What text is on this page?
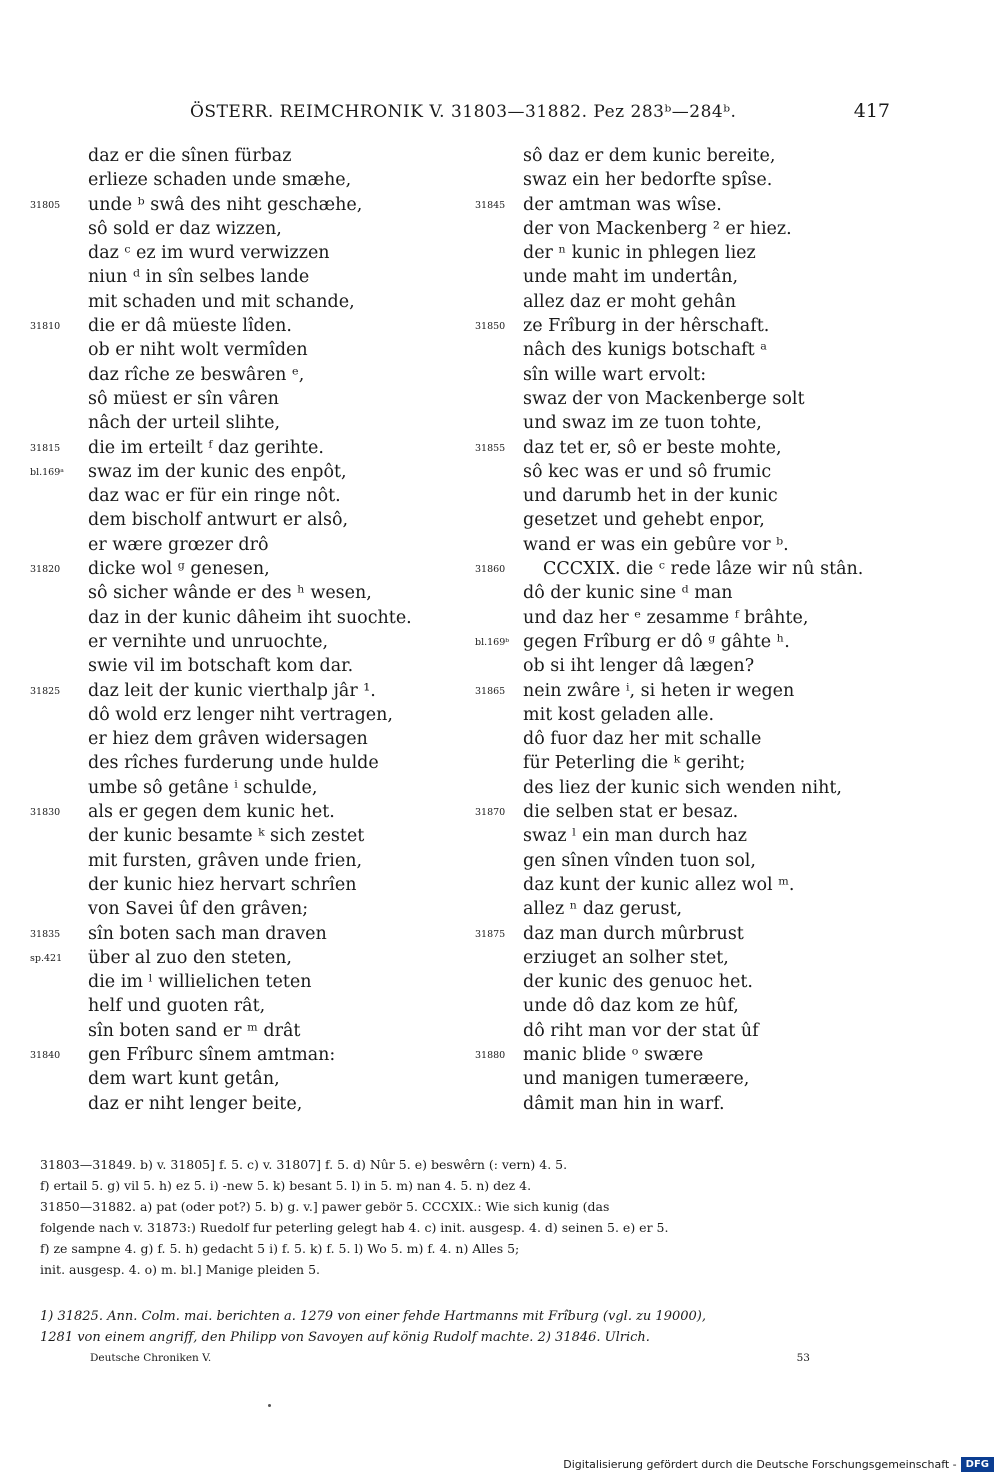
ÖSTERR. REIMCHRONIK V. 31803—31882. Pez 283ᵇ—284ᵇ.	417
daz er die sînen fürbaz
erlieze schaden unde smæhe,
31805	unde ᵇ swâ des niht geschæhe,
sô sold er daz wizzen,
daz ᶜ ez im wurd verwizzen
niun ᵈ in sîn selbes lande
mit schaden und mit schande,
31810	die er dâ müeste lîden.
ob er niht wolt vermîden
daz rîche ze beswâren ᵉ,
sô müest er sîn vâren
nâch der urteil slihte,
31815	die im erteilt ᶠ daz gerihte.
bl.169ᵃ	swaz im der kunic des enpôt,
daz wac er für ein ringe nôt.
dem bischolf antwurt er alsô,
er wære grœzer drô
31820	dicke wol ᵍ genesen,
sô sicher wânde er des ʰ wesen,
daz in der kunic dâheim iht suochte.
er vernihte und unruochte,
swie vil im botschaft kom dar.
31825	daz leit der kunic vierthalp jâr ¹.
dô wold erz lenger niht vertragen,
er hiez dem grâven widersagen
des rîches furderung unde hulde
umbe sô getâne ⁱ schulde,
31830	als er gegen dem kunic het.
der kunic besamte ᵏ sich zestet
mit fursten, grâven unde frien,
der kunic hiez hervart schrîen
von Savei ûf den grâven;
31835	sîn boten sach man draven
sp.421	über al zuo den steten,
die im ˡ willielichen teten
helf und guoten rât,
sîn boten sand er ᵐ drât
31840	gen Frîburc sînem amtman:
dem wart kunt getân,
daz er niht lenger beite,
sô daz er dem kunic bereite,
swaz ein her bedorfte spîse.
31845	der amtman was wîse.
der von Mackenberg ² er hiez.
der ⁿ kunic in phlegen liez
unde maht im undertân,
allez daz er moht gehân
31850	ze Frîburg in der hêrschaft.
nâch des kunigs botschaft ᵃ
sîn wille wart ervolt:
swaz der von Mackenberge solt
und swaz im ze tuon tohte,
31855	daz tet er, sô er beste mohte,
sô kec was er und sô frumic
und darumb het in der kunic
gesetzet und gehebt enpor,
wand er was ein gebûre vor ᵇ.
31860	CCCXIX. die ᶜ rede lâze wir nû stân.
dô der kunic sine ᵈ man
und daz her ᵉ zesamme ᶠ brâhte,
bl.169ᵇ gegen Frîburg er dô ᵍ gâhte ʰ.
ob si iht lenger dâ lægen?
31865	nein zwâre ⁱ, si heten ir wegen
mit kost geladen alle.
dô fuor daz her mit schalle
für Peterling die ᵏ geriht;
des liez der kunic sich wenden niht,
31870	die selben stat er besaz.
swaz ˡ ein man durch haz
gen sînen vînden tuon sol,
daz kunt der kunic allez wol ᵐ.
allez ⁿ daz gerust,
31875	daz man durch mûrbrust
erziuget an solher stet,
der kunic des genuoc het.
unde dô daz kom ze hûf,
dô riht man vor der stat ûf
31880	manic blide ᵒ swære
und manigen tumeræere,
dâmit man hin in warf.
31803—31849. b) v. 31805] f. 5. c) v. 31807] f. 5. d) Nûr 5. e) beswêrn (: vern) 4. 5.
f) ertail 5. g) vil 5. h) ez 5. i) -new 5. k) besant 5. l) in 5. m) nan 4. 5. n) dez 4.
31850—31882. a) pat (oder pot?) 5. b) g. v.] pawer gebör 5. CCCXIX.: Wie sich kunig (das
folgende nach v. 31873:) Ruedolf fur peterling gelegt hab 4. c) init. ausgesp. 4. d) seinen 5. e) er 5.
f) ze sampne 4. g) f. 5. h) gedacht 5 i) f. 5. k) f. 5. l) Wo 5. m) f. 4. n) Alles 5;
init. ausgesp. 4. o) m. bl.] Manige pleiden 5.
1) 31825. Ann. Colm. mai. berichten a. 1279 von einer fehde Hartmanns mit Frîburg (vgl. zu 19000),
1281 von einem angriff, den Philipp von Savoyen auf könig Rudolf machte. 2) 31846. Ulrich.
Deutsche Chroniken V.	53
Digitalisierung gefördert durch die Deutsche Forschungsgemeinschaft - DFG
